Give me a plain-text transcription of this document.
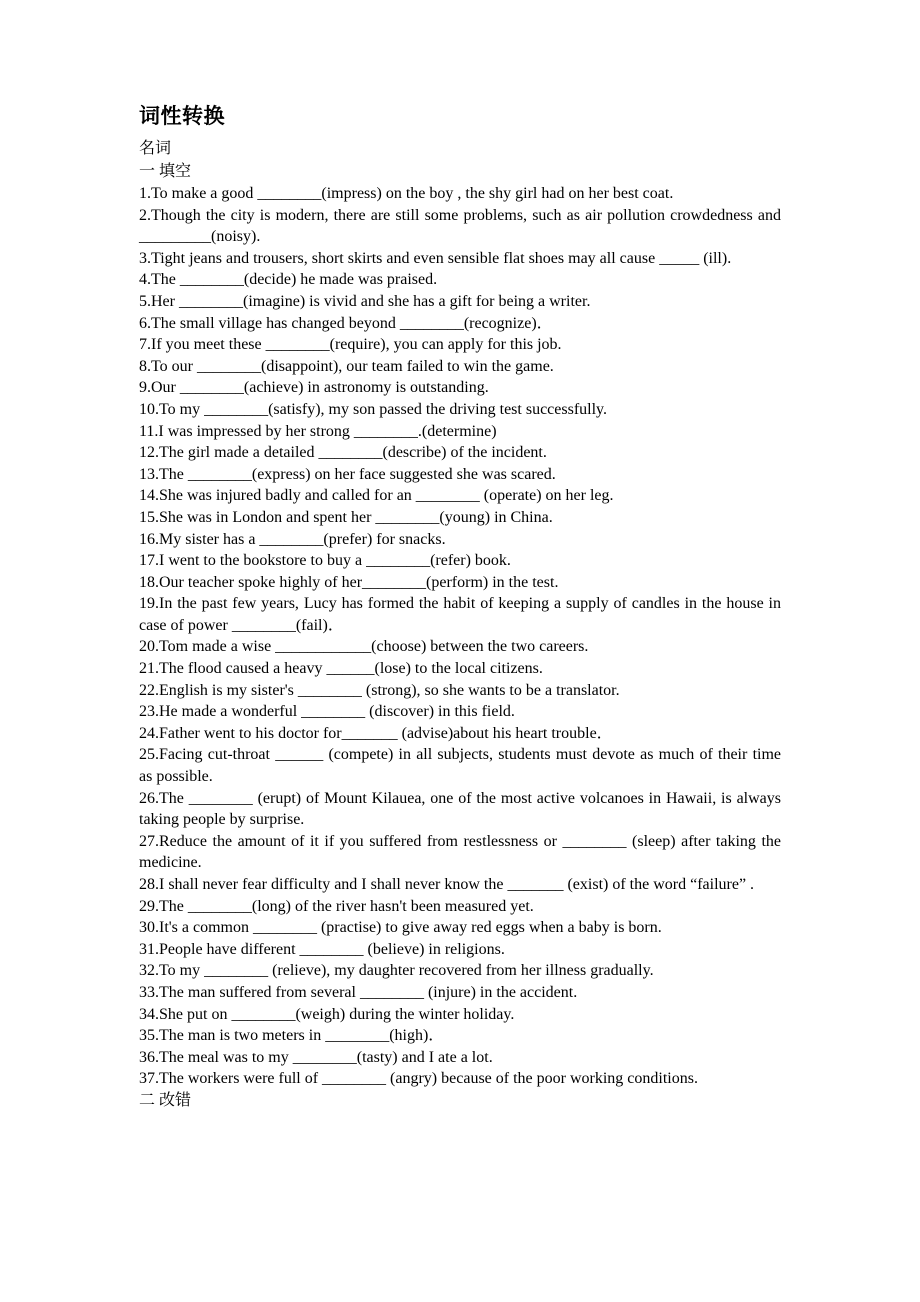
词性转换
名词
一 填空

1.To make a good ________(impress) on the boy , the shy girl had on her best coat.

2.Though the city is modern, there are still some problems, such as air pollution crowdedness and _________(noisy).

3.Tight jeans and trousers, short skirts and even sensible flat shoes may all cause _____ (ill).

4.The ________(decide) he made was praised.

5.Her ________(imagine) is vivid and she has a gift for being a writer.

6.The small village has changed beyond ________(recognize)．

7.If you meet these ________(require), you can apply for this job.

8.To our ________(disappoint), our team failed to win the game.

9.Our ________(achieve) in astronomy is outstanding.

10.To my ________(satisfy), my son passed the driving test successfully.

11.I was impressed by her strong ________.(determine)

12.The girl made a detailed ________(describe) of the incident.

13.The ________(express) on her face suggested she was scared.

14.She was injured badly and called for an ________ (operate) on her leg.

15.She was in London and spent her ________(young) in China.

16.My sister has a ________(prefer) for snacks.

17.I went to the bookstore to buy a ________(refer) book.

18.Our teacher spoke highly of her________(perform) in the test.

19.In the past few years, Lucy has formed the habit of keeping a supply of candles in the house in case of power ________(fail)．

20.Tom made a wise ____________(choose) between the two careers.

21.The flood caused a heavy ______(lose) to the local citizens.

22.English is my sister's ________ (strong), so she wants to be a translator.

23.He made a wonderful ________ (discover) in this field.

24.Father went to his doctor for_______ (advise)about his heart trouble．

25.Facing cut-throat ______ (compete) in all subjects, students must devote as much of their time as possible.

26.The ________ (erupt) of Mount Kilauea, one of the most active volcanoes in Hawaii, is always taking people by surprise.

27.Reduce the amount of it if you suffered from restlessness or ________ (sleep) after taking the medicine.

28.I shall never fear difficulty and I shall never know the _______ (exist) of the word “failure” .

29.The ________(long) of the river hasn't been measured yet.

30.It's a common ________ (practise) to give away red eggs when a baby is born.

31.People have different ________ (believe) in religions.

32.To my ________ (relieve), my daughter recovered from her illness gradually.

33.The man suffered from several ________ (injure) in the accident.

34.She put on ________(weigh) during the winter holiday.

35.The man is two meters in ________(high)．

36.The meal was to my ________(tasty) and I ate a lot.

37.The workers were full of ________ (angry) because of the poor working conditions.

二 改错
